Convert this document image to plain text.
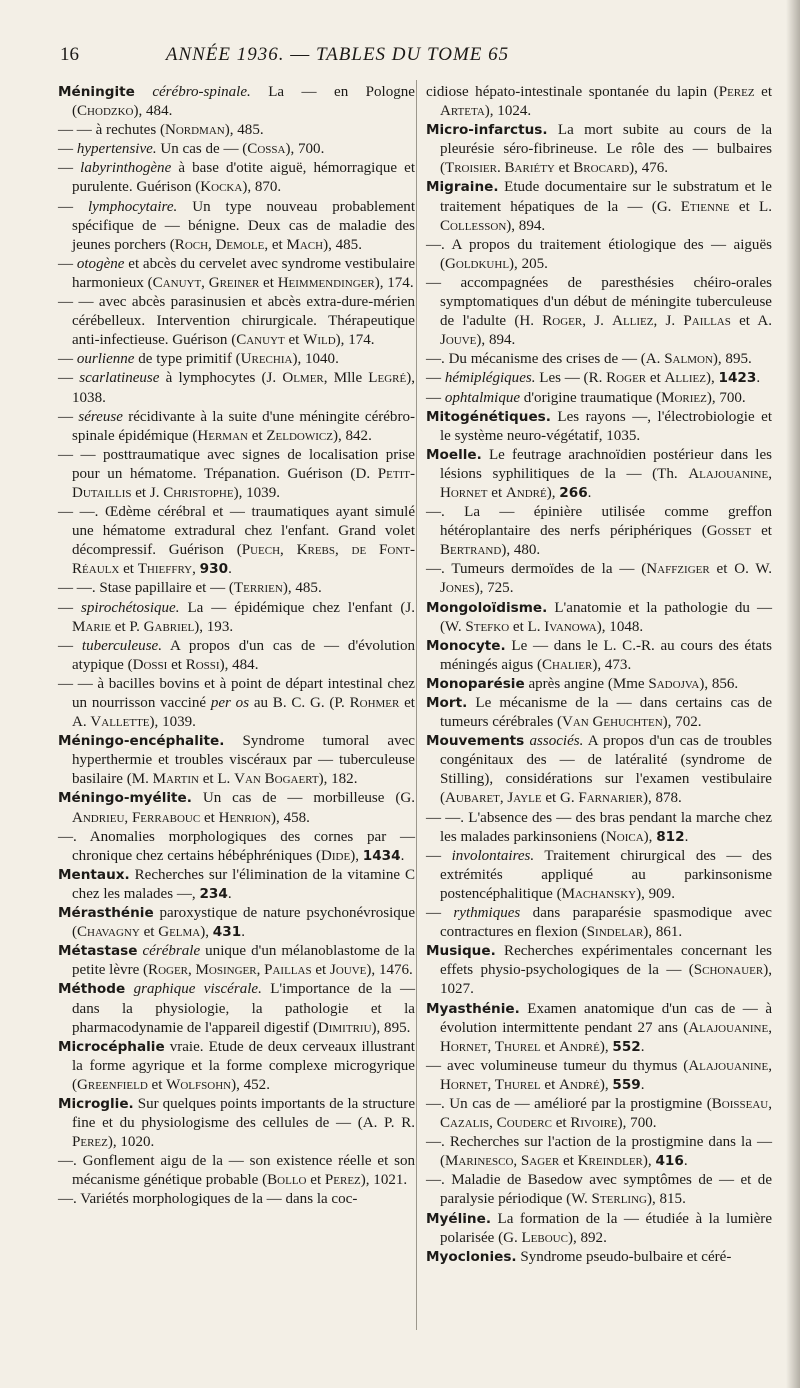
16	ANNÉE 1936. — TABLES DU TOME 65

Méningite cérébro-spinale. La — en Pologne (Chodzko), 484.

— — à rechutes (Nordman), 485.

— hypertensive. Un cas de — (Cossa), 700.

— labyrinthogène à base d'otite aiguë, hémorragique et purulente. Guérison (Kocka), 870.

— lymphocytaire. Un type nouveau probablement spécifique de — bénigne. Deux cas de maladie des jeunes porchers (Roch, Demole, et Mach), 485.

— otogène et abcès du cervelet avec syndrome vestibulaire harmonieux (Canuyt, Greiner et Heimmendinger), 174.

— — avec abcès parasinusien et abcès extra-dure-mérien cérébelleux. Intervention chirurgicale. Thérapeutique anti-infectieuse. Guérison (Canuyt et Wild), 174.

— ourlienne de type primitif (Urechia), 1040.

— scarlatineuse à lymphocytes (J. Olmer, Mlle Legré), 1038.

— séreuse récidivante à la suite d'une méningite cérébro-spinale épidémique (Herman et Zeldowicz), 842.

— — posttraumatique avec signes de localisation prise pour un hématome. Trépanation. Guérison (D. Petit-Dutaillis et J. Christophe), 1039.

— —. Œdème cérébral et — traumatiques ayant simulé une hématome extradural chez l'enfant. Grand volet décompressif. Guérison (Puech, Krebs, de Font-Réaulx et Thieffry, 930.

— —. Stase papillaire et — (Terrien), 485.

— spirochétosique. La — épidémique chez l'enfant (J. Marie et P. Gabriel), 193.

— tuberculeuse. A propos d'un cas de — d'évolution atypique (Dossi et Rossi), 484.

— — à bacilles bovins et à point de départ intestinal chez un nourrisson vacciné per os au B. C. G. (P. Rohmer et A. Vallette), 1039.

Méningo-encéphalite. Syndrome tumoral avec hyperthermie et troubles viscéraux par — tuberculeuse basilaire (M. Martin et L. Van Bogaert), 182.

Méningo-myélite. Un cas de — morbilleuse (G. Andrieu, Ferrabouc et Henrion), 458.

—. Anomalies morphologiques des cornes par — chronique chez certains hébéphréniques (Dide), 1434.

Mentaux. Recherches sur l'élimination de la vitamine C chez les malades —, 234.

Mérasthénie paroxystique de nature psychonévrosique (Chavagny et Gelma), 431.

Métastase cérébrale unique d'un mélanoblastome de la petite lèvre (Roger, Mosinger, Paillas et Jouve), 1476.

Méthode graphique viscérale. L'importance de la — dans la physiologie, la pathologie et la pharmacodynamie de l'appareil digestif (Dimitriu), 895.

Microcéphalie vraie. Etude de deux cerveaux illustrant la forme agyrique et la forme complexe microgyrique (Greenfield et Wolfsohn), 452.

Microglie. Sur quelques points importants de la structure fine et du physiologisme des cellules de — (A. P. R. Perez), 1020.

—. Gonflement aigu de la — son existence réelle et son mécanisme génétique probable (Bollo et Perez), 1021.

—. Variétés morphologiques de la — dans la coc-

cidiose hépato-intestinale spontanée du lapin (Perez et Arteta), 1024.

Micro-infarctus. La mort subite au cours de la pleurésie séro-fibrineuse. Le rôle des — bulbaires (Troisier. Bariéty et Brocard), 476.

Migraine. Etude documentaire sur le substratum et le traitement hépatiques de la — (G. Etienne et L. Collesson), 894.

—. A propos du traitement étiologique des — aiguës (Goldkuhl), 205.

— accompagnées de paresthésies chéiro-orales symptomatiques d'un début de méningite tuberculeuse de l'adulte (H. Roger, J. Alliez, J. Paillas et A. Jouve), 894.

—. Du mécanisme des crises de — (A. Salmon), 895.

— hémiplégiques. Les — (R. Roger et Alliez), 1423.

— ophtalmique d'origine traumatique (Moriez), 700.

Mitogénétiques. Les rayons —, l'électrobiologie et le système neuro-végétatif, 1035.

Moelle. Le feutrage arachnoïdien postérieur dans les lésions syphilitiques de la — (Th. Alajouanine, Hornet et André), 266.

—. La — épinière utilisée comme greffon hétéroplantaire des nerfs périphériques (Gosset et Bertrand), 480.

—. Tumeurs dermoïdes de la — (Naffziger et O. W. Jones), 725.

Mongoloïdisme. L'anatomie et la pathologie du — (W. Stefko et L. Ivanowa), 1048.

Monocyte. Le — dans le L. C.-R. au cours des états méningés aigus (Chalier), 473.

Monoparésie après angine (Mme Sadojva), 856.

Mort. Le mécanisme de la — dans certains cas de tumeurs cérébrales (Van Gehuchten), 702.

Mouvements associés. A propos d'un cas de troubles congénitaux des — de latéralité (syndrome de Stilling), considérations sur l'examen vestibulaire (Aubaret, Jayle et G. Farnarier), 878.

— —. L'absence des — des bras pendant la marche chez les malades parkinsoniens (Noica), 812.

— involontaires. Traitement chirurgical des — des extrémités appliqué au parkinsonisme postencéphalitique (Machansky), 909.

— rythmiques dans paraparésie spasmodique avec contractures en flexion (Sindelar), 861.

Musique. Recherches expérimentales concernant les effets physio-psychologiques de la — (Schonauer), 1027.

Myasthénie. Examen anatomique d'un cas de — à évolution intermittente pendant 27 ans (Alajouanine, Hornet, Thurel et André), 552.

— avec volumineuse tumeur du thymus (Alajouanine, Hornet, Thurel et André), 559.

—. Un cas de — amélioré par la prostigmine (Boisseau, Cazalis, Couderc et Rivoire), 700.

—. Recherches sur l'action de la prostigmine dans la — (Marinesco, Sager et Kreindler), 416.

—. Maladie de Basedow avec symptômes de — et de paralysie périodique (W. Sterling), 815.

Myéline. La formation de la — étudiée à la lumière polarisée (G. Lebouc), 892.

Myoclonies. Syndrome pseudo-bulbaire et céré-
